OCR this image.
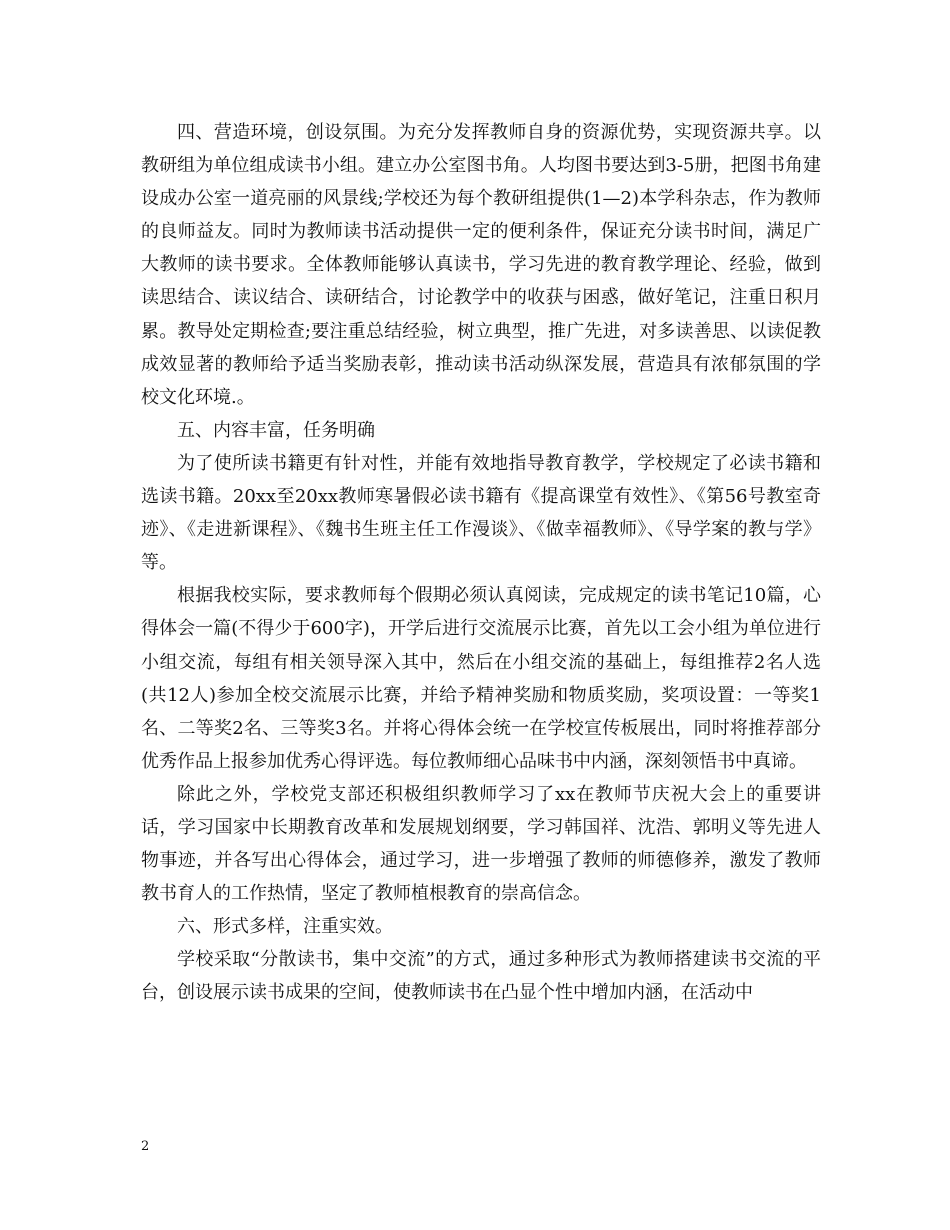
四、营造环境，创设氛围。为充分发挥教师自身的资源优势，实现资源共享。以教研组为单位组成读书小组。建立办公室图书角。人均图书要达到3-5册，把图书角建设成办公室一道亮丽的风景线;学校还为每个教研组提供(1—2)本学科杂志，作为教师的良师益友。同时为教师读书活动提供一定的便利条件，保证充分读书时间，满足广大教师的读书要求。全体教师能够认真读书，学习先进的教育教学理论、经验，做到读思结合、读议结合、读研结合，讨论教学中的收获与困惑，做好笔记，注重日积月累。教导处定期检查;要注重总结经验，树立典型，推广先进，对多读善思、以读促教成效显著的教师给予适当奖励表彰，推动读书活动纵深发展，营造具有浓郁氛围的学校文化环境.。

五、内容丰富，任务明确

为了使所读书籍更有针对性，并能有效地指导教育教学，学校规定了必读书籍和选读书籍。20xx至20xx教师寒暑假必读书籍有《提高课堂有效性》、《第56号教室奇迹》、《走进新课程》、《魏书生班主任工作漫谈》、《做幸福教师》、《导学案的教与学》等。

根据我校实际，要求教师每个假期必须认真阅读，完成规定的读书笔记10篇，心得体会一篇(不得少于600字)，开学后进行交流展示比赛，首先以工会小组为单位进行小组交流，每组有相关领导深入其中，然后在小组交流的基础上，每组推荐2名人选(共12人)参加全校交流展示比赛，并给予精神奖励和物质奖励，奖项设置：一等奖1名、二等奖2名、三等奖3名。并将心得体会统一在学校宣传板展出，同时将推荐部分优秀作品上报参加优秀心得评选。每位教师细心品味书中内涵，深刻领悟书中真谛。

除此之外，学校党支部还积极组织教师学习了xx在教师节庆祝大会上的重要讲话，学习国家中长期教育改革和发展规划纲要，学习韩国祥、沈浩、郭明义等先进人物事迹，并各写出心得体会，通过学习，进一步增强了教师的师德修养，激发了教师教书育人的工作热情，坚定了教师植根教育的崇高信念。

六、形式多样，注重实效。

学校采取“分散读书，集中交流”的方式，通过多种形式为教师搭建读书交流的平台，创设展示读书成果的空间，使教师读书在凸显个性中增加内涵，在活动中

2
